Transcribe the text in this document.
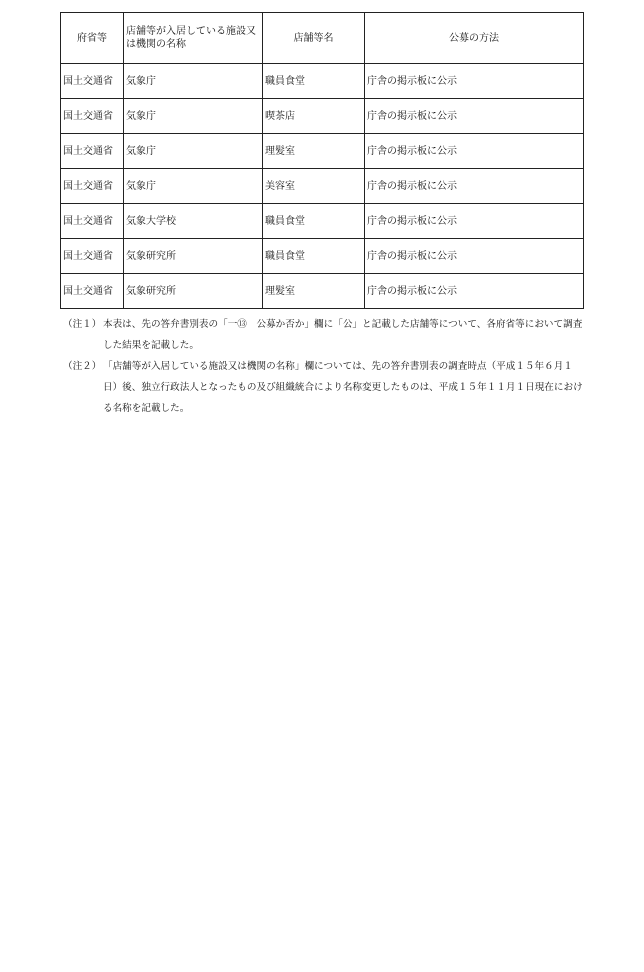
府省等	店舗等が入居している施設又は機関の名称	店舗等名	公募の方法
国土交通省	気象庁	職員食堂	庁舎の掲示板に公示
国土交通省	気象庁	喫茶店	庁舎の掲示板に公示
国土交通省	気象庁	理髪室	庁舎の掲示板に公示
国土交通省	気象庁	美容室	庁舎の掲示板に公示
国土交通省	気象大学校	職員食堂	庁舎の掲示板に公示
国土交通省	気象研究所	職員食堂	庁舎の掲示板に公示
国土交通省	気象研究所	理髪室	庁舎の掲示板に公示

（注１） 本表は、先の答弁書別表の「一⑬　公募か否か」欄に「公」と記載した店舗等について、各府省等において調査した結果を記載した。

（注２） 「店舗等が入居している施設又は機関の名称」欄については、先の答弁書別表の調査時点（平成１５年６月１日）後、独立行政法人となったもの及び組織統合により名称変更したものは、平成１５年１１月１日現在における名称を記載した。
